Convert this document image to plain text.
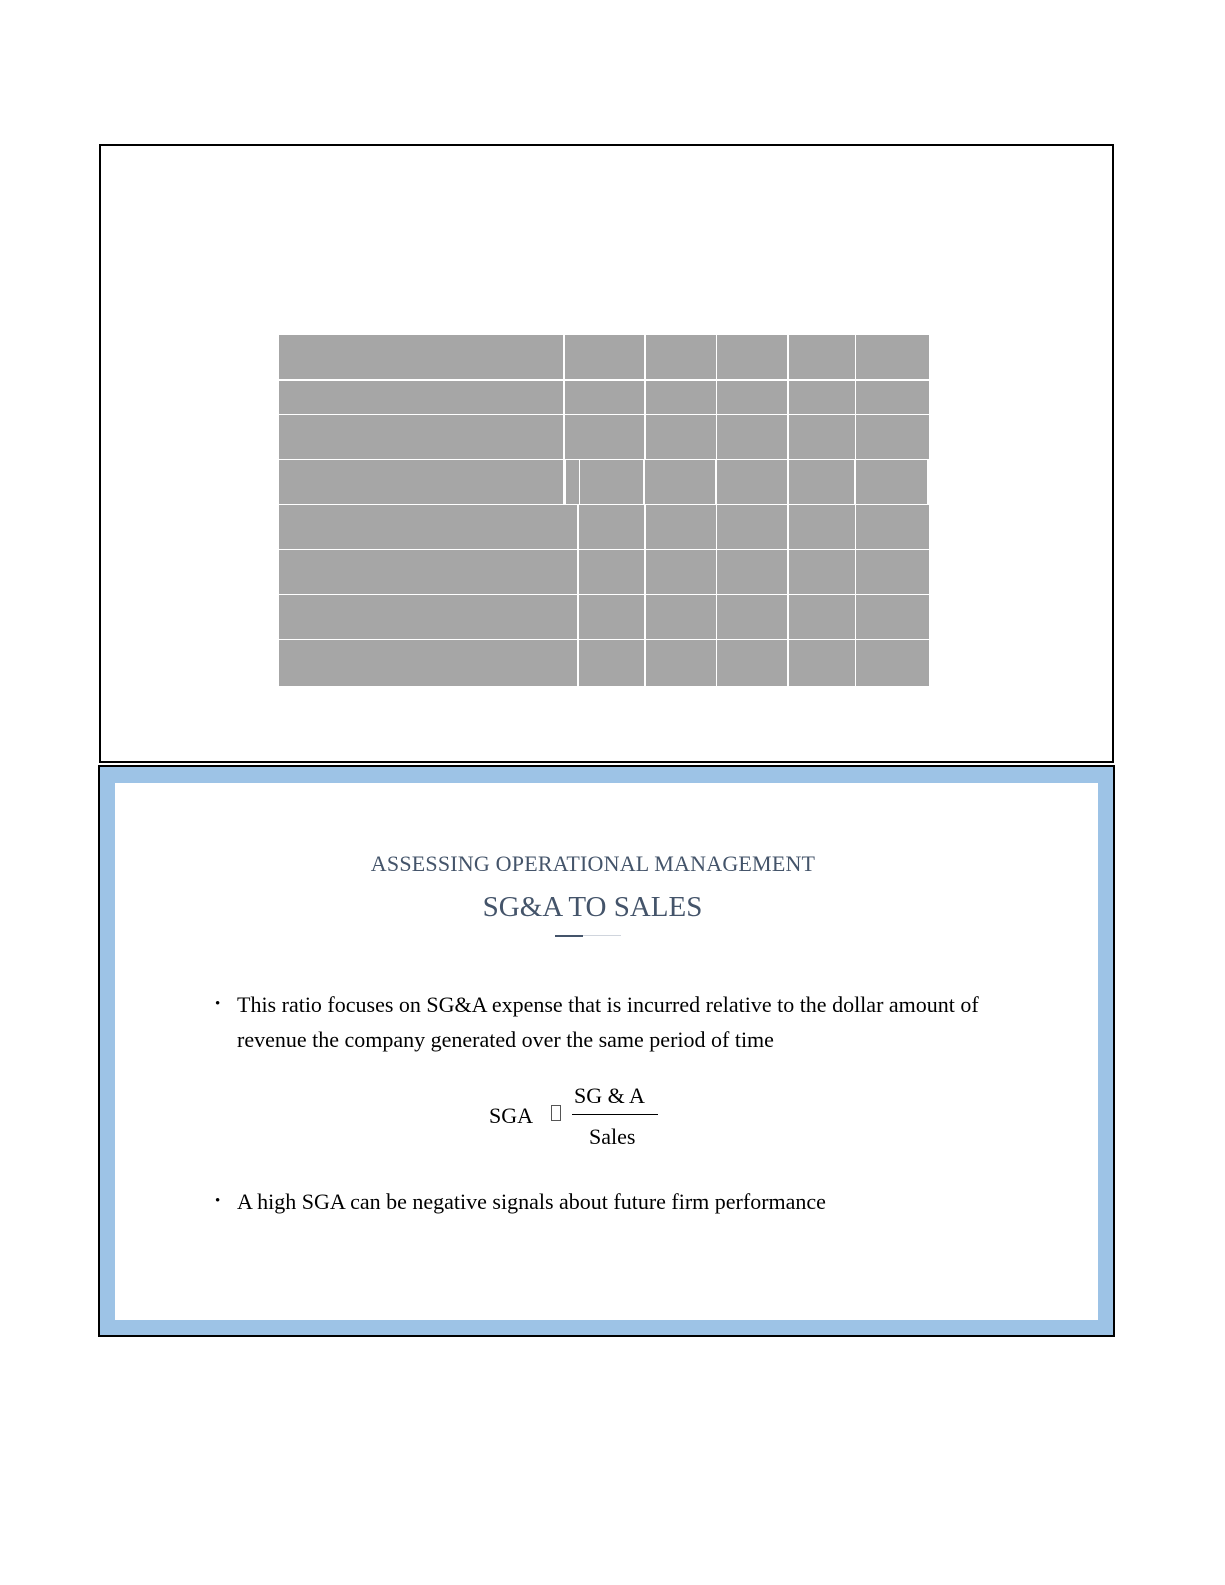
ASSESSING OPERATIONAL MANAGEMENT
SG&A TO SALES
• This ratio focuses on SG&A expense that is incurred relative to the dollar amount of revenue the company generated over the same period of time
SGA
SG & A
Sales
• A high SGA can be negative signals about future firm performance
